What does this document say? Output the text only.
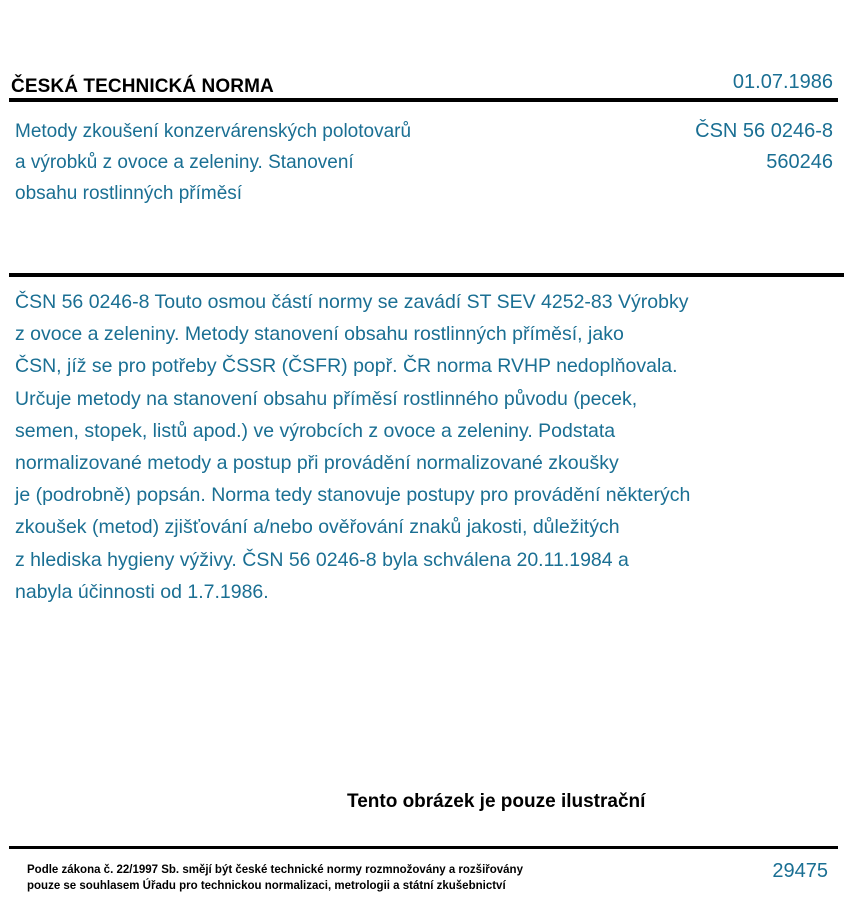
ČESKÁ TECHNICKÁ NORMA	01.07.1986
Metody zkoušení konzervárenských polotovarů
a výrobků z ovoce a zeleniny. Stanovení
obsahu rostlinných příměsí
ČSN 56 0246-8
560246
ČSN 56 0246-8 Touto osmou částí normy se zavádí ST SEV 4252-83 Výrobky
z ovoce a zeleniny. Metody stanovení obsahu rostlinných příměsí, jako
ČSN, jíž se pro potřeby ČSSR (ČSFR) popř. ČR norma RVHP nedoplňovala.
Určuje metody na stanovení obsahu příměsí rostlinného původu (pecek,
semen, stopek, listů apod.) ve výrobcích z ovoce a zeleniny. Podstata
normalizované metody a postup při provádění normalizované zkoušky
je (podrobně) popsán. Norma tedy stanovuje postupy pro provádění některých
zkoušek (metod) zjišťování a/nebo ověřování znaků jakosti, důležitých
z hlediska hygieny výživy. ČSN 56 0246-8 byla schválena 20.11.1984 a
nabyla účinnosti od 1.7.1986.
Tento obrázek je pouze ilustrační
Podle zákona č. 22/1997 Sb. smějí být české technické normy rozmnožovány a rozšiřovány
pouze se souhlasem Úřadu pro technickou normalizaci, metrologii a státní zkušebnictví
29475
